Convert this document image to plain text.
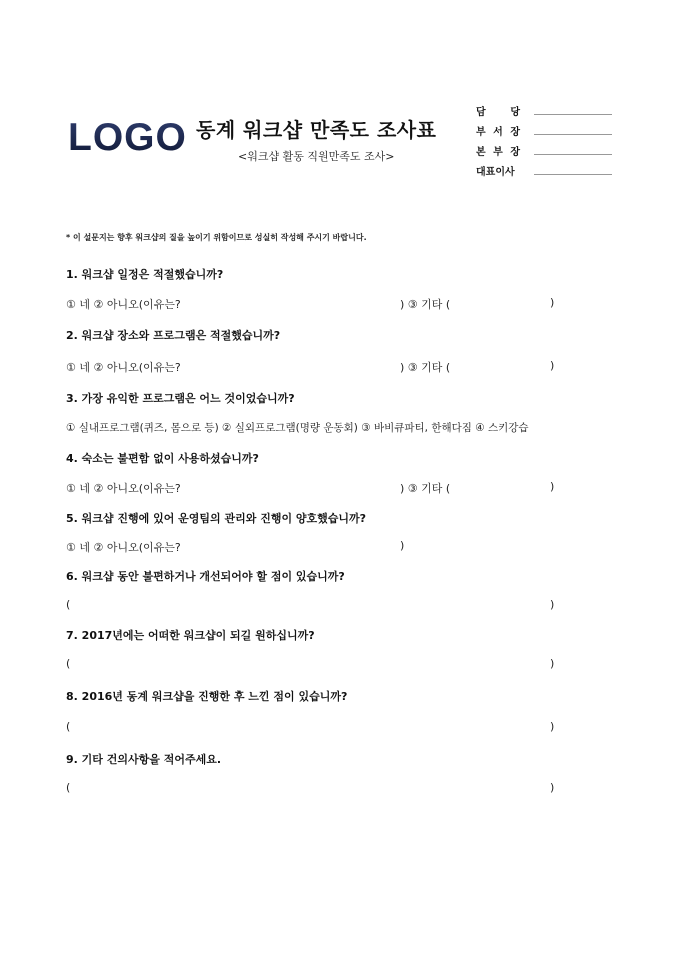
LOGO 동계 워크샵 만족도 조사표
<워크샵 활동 직원만족도 조사>
담 당
부 서 장
본 부 장
대표이사
* 이 설문지는 향후 워크샵의 질을 높이기 위함이므로 성실히 작성해 주시기 바랍니다.
1. 워크샵 일정은 적절했습니까?
① 네 ② 아니오(이유는?	) ③ 기타 (	)
2. 워크샵 장소와 프로그램은 적절했습니까?
① 네 ② 아니오(이유는?	) ③ 기타 (	)
3. 가장 유익한 프로그램은 어느 것이었습니까?
① 실내프로그램(퀴즈, 몸으로 등) ② 실외프로그램(명량 운동회) ③ 바비큐파티, 한해다짐 ④ 스키강습
4. 숙소는 불편함 없이 사용하셨습니까?
① 네 ② 아니오(이유는?	) ③ 기타 (	)
5. 워크샵 진행에 있어 운영팀의 관리와 진행이 양호했습니까?
① 네 ② 아니오(이유는?	)
6. 워크샵 동안 불편하거나 개선되어야 할 점이 있습니까?
(	)
7. 2017년에는 어떠한 워크샵이 되길 원하십니까?
(	)
8. 2016년 동계 워크샵을 진행한 후 느낀 점이 있습니까?
(	)
9. 기타 건의사항을 적어주세요.
(	)
